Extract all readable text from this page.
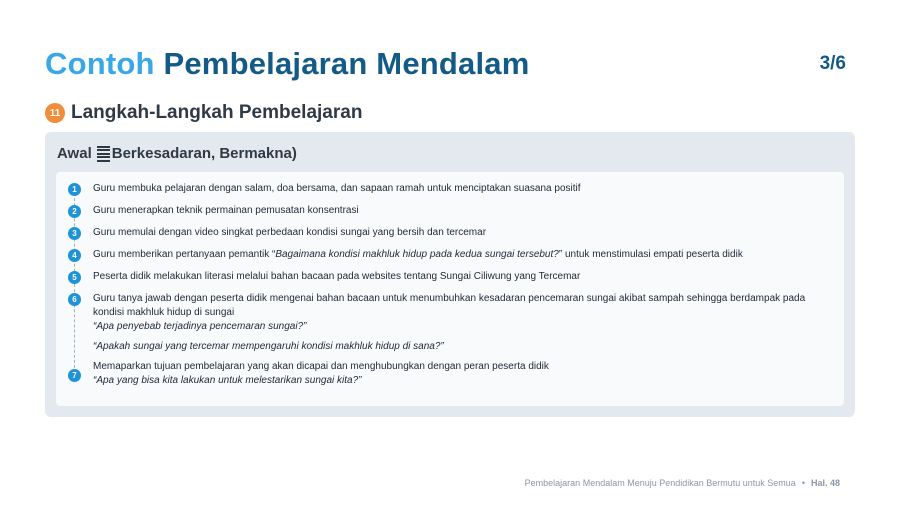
Contoh Pembelajaran Mendalam	3/6
11 Langkah-Langkah Pembelajaran
Awal Berkesadaran, Bermakna)
1	Guru membuka pelajaran dengan salam, doa bersama, dan sapaan ramah untuk menciptakan suasana positif
2	Guru menerapkan teknik permainan pemusatan konsentrasi
3	Guru memulai dengan video singkat perbedaan kondisi sungai yang bersih dan tercemar
4	Guru memberikan pertanyaan pemantik “Bagaimana kondisi makhluk hidup pada kedua sungai tersebut?” untuk menstimulasi empati peserta didik
5	Peserta didik melakukan literasi melalui bahan bacaan pada websites tentang Sungai Ciliwung yang Tercemar
6	Guru tanya jawab dengan peserta didik mengenai bahan bacaan untuk menumbuhkan kesadaran pencemaran sungai akibat sampah sehingga berdampak pada kondisi makhluk hidup di sungai
“Apa penyebab terjadinya pencemaran sungai?”
“Apakah sungai yang tercemar mempengaruhi kondisi makhluk hidup di sana?”
7
Memaparkan tujuan pembelajaran yang akan dicapai dan menghubungkan dengan peran peserta didik
“Apa yang bisa kita lakukan untuk melestarikan sungai kita?”
Pembelajaran Mendalam Menuju Pendidikan Bermutu untuk Semua • Hal. 48
